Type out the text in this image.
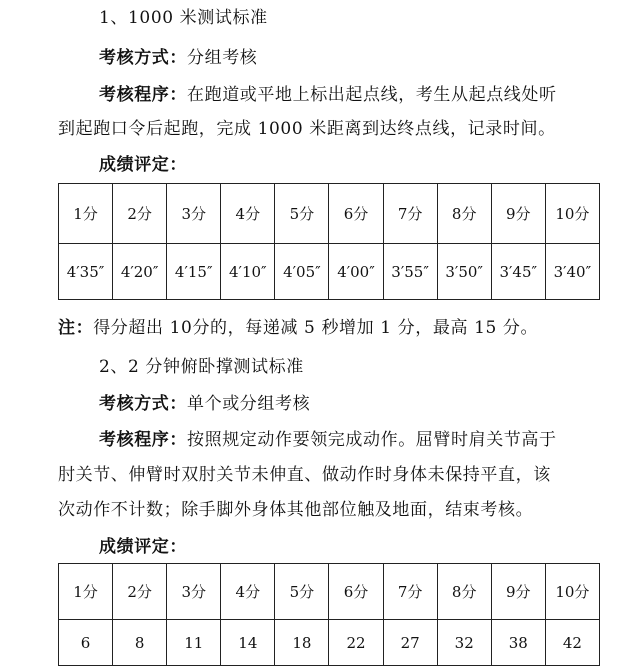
1、1000 米测试标准
考核方式：分组考核
考核程序：在跑道或平地上标出起点线，考生从起点线处听
到起跑口令后起跑，完成 1000 米距离到达终点线，记录时间。
成绩评定：
1分	2分	3分	4分	5分	6分	7分	8分	9分	10分
4′35″	4′20″	4′15″	4′10″	4′05″	4′00″	3′55″	3′50″	3′45″	3′40″
注：得分超出 10分的，每递减 5 秒增加 1 分，最高 15 分。
2、2 分钟俯卧撑测试标准
考核方式：单个或分组考核
考核程序：按照规定动作要领完成动作。屈臂时肩关节高于
肘关节、伸臂时双肘关节未伸直、做动作时身体未保持平直，该
次动作不计数；除手脚外身体其他部位触及地面，结束考核。
成绩评定：
1分	2分	3分	4分	5分	6分	7分	8分	9分	10分
6	8	11	14	18	22	27	32	38	42
